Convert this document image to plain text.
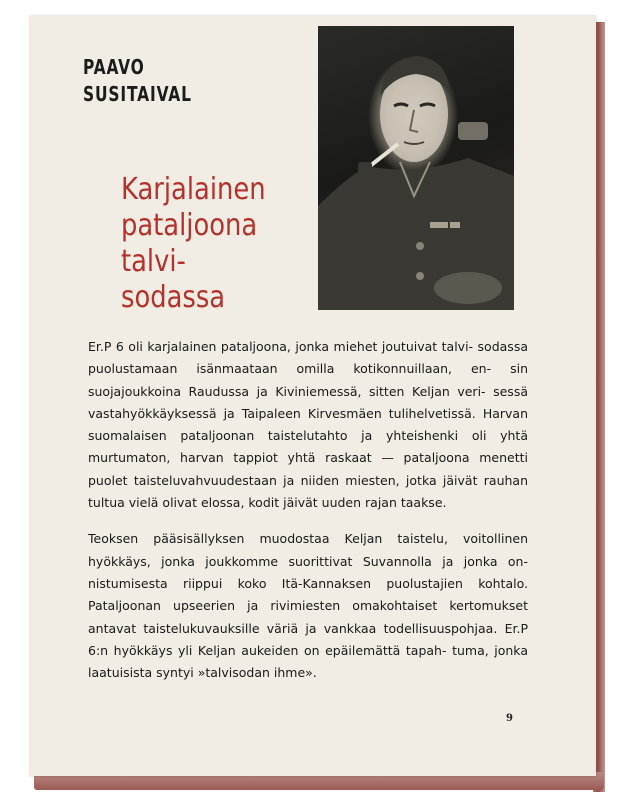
PAAVO
SUSITAIVAL
Karjalainen
pataljoona
talvi-
sodassa

Er.P 6 oli karjalainen pataljoona, jonka miehet joutuivat talvi- sodassa puolustamaan isänmaataan omilla kotikonnuillaan, en- sin suojajoukkoina Raudussa ja Kiviniemessä, sitten Keljan veri- sessä vastahyökkäyksessä ja Taipaleen Kirvesmäen tulihelvetissä. Harvan suomalaisen pataljoonan taistelutahto ja yhteishenki oli yhtä murtumaton, harvan tappiot yhtä raskaat — pataljoona menetti puolet taisteluvahvuudestaan ja niiden miesten, jotka jäivät rauhan tultua vielä olivat elossa, kodit jäivät uuden rajan taakse.

Teoksen pääsisällyksen muodostaa Keljan taistelu, voitollinen hyökkäys, jonka joukkomme suorittivat Suvannolla ja jonka on- nistumisesta riippui koko Itä-Kannaksen puolustajien kohtalo. Pataljoonan upseerien ja rivimiesten omakohtaiset kertomukset antavat taistelukuvauksille väriä ja vankkaa todellisuuspohjaa. Er.P 6:n hyökkäys yli Keljan aukeiden on epäilemättä tapah- tuma, jonka laatuisista syntyi »talvisodan ihme».

9
